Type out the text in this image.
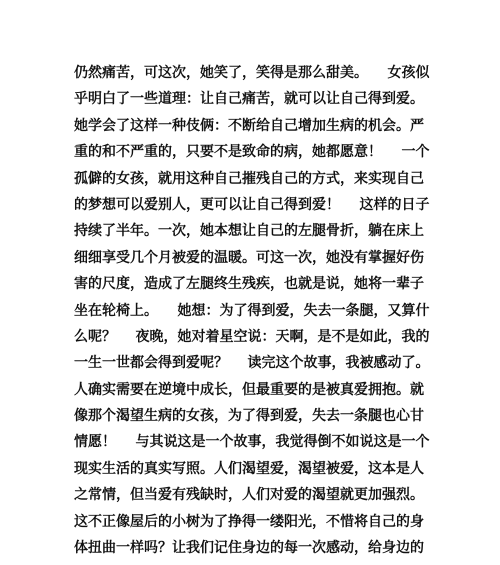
仍然痛苦，可这次，她笑了，笑得是那么甜美。    女孩似
乎明白了一些道理：让自己痛苦，就可以让自己得到爱。
她学会了这样一种伎俩：不断给自己增加生病的机会。严
重的和不严重的，只要不是致命的病，她都愿意！    一个
孤僻的女孩，就用这种自己摧残自己的方式，来实现自己
的梦想可以爱别人，更可以让自己得到爱！    这样的日子
持续了半年。一次，她本想让自己的左腿骨折，躺在床上
细细享受几个月被爱的温暖。可这一次，她没有掌握好伤
害的尺度，造成了左腿终生残疾，也就是说，她将一辈子
坐在轮椅上。    她想：为了得到爱，失去一条腿，又算什
么呢？    夜晚，她对着星空说：天啊，是不是如此，我的
一生一世都会得到爱呢？    读完这个故事，我被感动了。
人确实需要在逆境中成长，但最重要的是被真爱拥抱。就
像那个渴望生病的女孩，为了得到爱，失去一条腿也心甘
情愿！    与其说这是一个故事，我觉得倒不如说这是一个
现实生活的真实写照。人们渴望爱，渴望被爱，这本是人
之常情，但当爱有残缺时，人们对爱的渴望就更加强烈。
这不正像屋后的小树为了挣得一缕阳光，不惜将自己的身
体扭曲一样吗？让我们记住身边的每一次感动，给身边的
